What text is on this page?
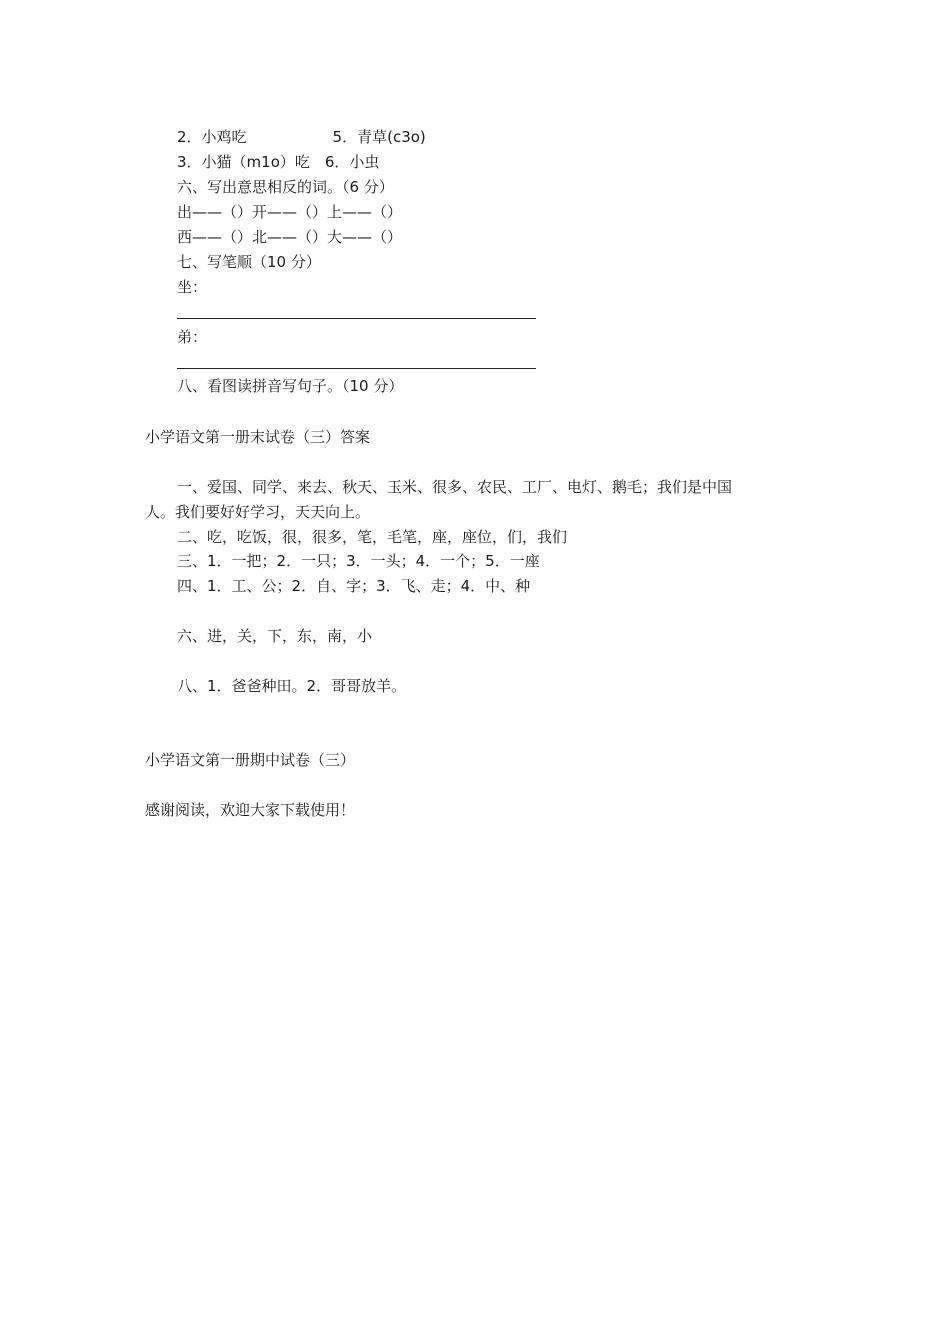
2．小鸡吃	5．青草(c3o)
3．小猫（m1o）吃　6．小虫
六、写出意思相反的词。（6 分）
出——（）开——（）上——（）
西——（）北——（）大——（）
七、写笔顺（10 分）
坐：
弟：
八、看图读拼音写句子。（10 分）
小学语文第一册末试卷（三）答案
一、爱国、同学、来去、秋天、玉米、很多、农民、工厂、电灯、鹅毛；我们是中国
人。我们要好好学习，天天向上。
二、吃，吃饭，很，很多，笔，毛笔，座，座位，们，我们
三、1．一把；2．一只；3．一头；4．一个；5．一座
四、1．工、公；2．自、字；3．飞、走；4．中、种
六、进，关，下，东，南，小
八、1．爸爸种田。2．哥哥放羊。
小学语文第一册期中试卷（三）
感谢阅读，欢迎大家下载使用！
